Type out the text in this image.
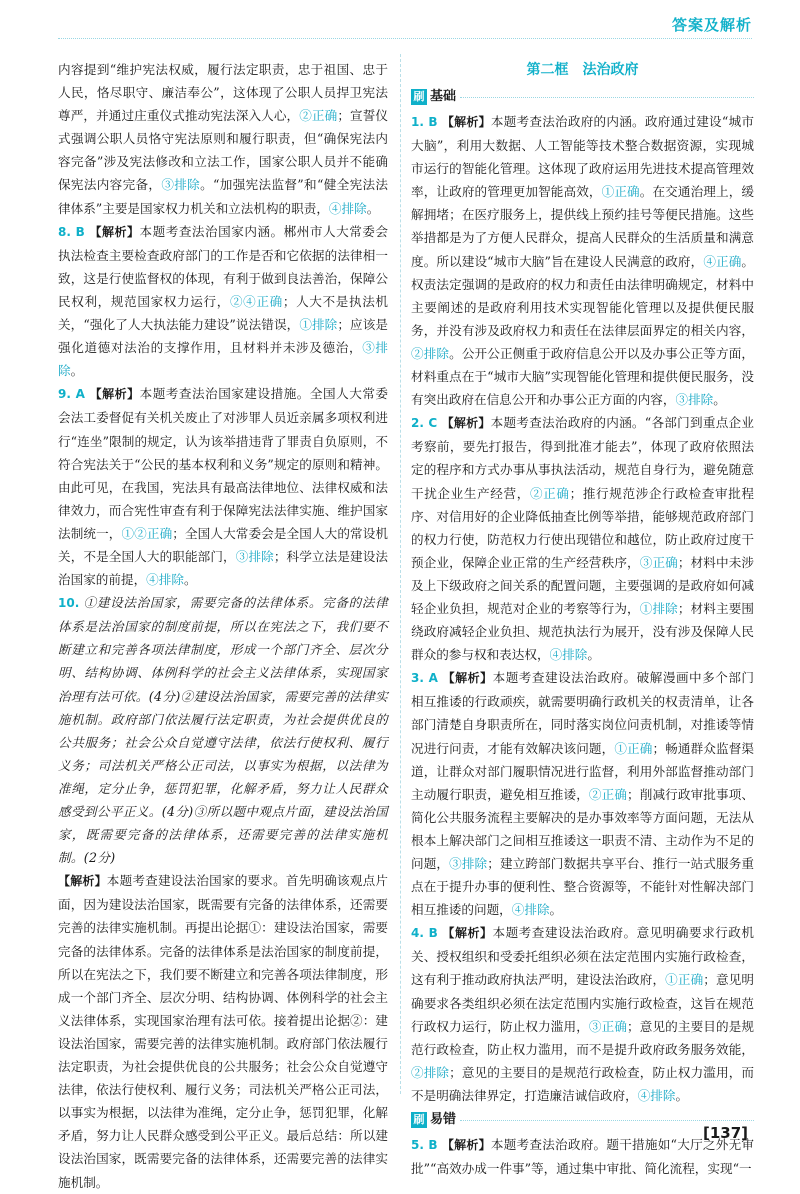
答案及解析

内容提到“维护宪法权威，履行法定职责，忠于祖国、忠于人民，恪尽职守、廉洁奉公”，这体现了公职人员捍卫宪法尊严，并通过庄重仪式推动宪法深入人心，②正确；宣誓仪式强调公职人员恪守宪法原则和履行职责，但“确保宪法内容完备”涉及宪法修改和立法工作，国家公职人员并不能确保宪法内容完备，③排除。“加强宪法监督”和“健全宪法法律体系”主要是国家权力机关和立法机构的职责，④排除。

8. B 【解析】本题考查法治国家内涵。郴州市人大常委会执法检查主要检查政府部门的工作是否和它依据的法律相一致，这是行使监督权的体现，有利于做到良法善治，保障公民权利，规范国家权力运行，②④正确；人大不是执法机关，“强化了人大执法能力建设”说法错误，①排除；应该是强化道德对法治的支撑作用，且材料并未涉及德治，③排除。

9. A 【解析】本题考查法治国家建设措施。全国人大常委会法工委督促有关机关废止了对涉罪人员近亲属多项权利进行“连坐”限制的规定，认为该举措违背了罪责自负原则，不符合宪法关于“公民的基本权利和义务”规定的原则和精神。由此可见，在我国，宪法具有最高法律地位、法律权威和法律效力，而合宪性审查有利于保障宪法法律实施、维护国家法制统一，①②正确；全国人大常委会是全国人大的常设机关，不是全国人大的职能部门，③排除；科学立法是建设法治国家的前提，④排除。

10. ①建设法治国家，需要完备的法律体系。完备的法律体系是法治国家的制度前提，所以在宪法之下，我们要不断建立和完善各项法律制度，形成一个部门齐全、层次分明、结构协调、体例科学的社会主义法律体系，实现国家治理有法可依。(4分)②建设法治国家，需要完善的法律实施机制。政府部门依法履行法定职责，为社会提供优良的公共服务；社会公众自觉遵守法律，依法行使权利、履行义务；司法机关严格公正司法，以事实为根据，以法律为准绳，定分止争，惩罚犯罪，化解矛盾，努力让人民群众感受到公平正义。(4分)③所以题中观点片面，建设法治国家，既需要完备的法律体系，还需要完善的法律实施机制。(2分)

【解析】本题考查建设法治国家的要求。首先明确该观点片面，因为建设法治国家，既需要有完备的法律体系，还需要完善的法律实施机制。再提出论据①：建设法治国家，需要完备的法律体系。完备的法律体系是法治国家的制度前提，所以在宪法之下，我们要不断建立和完善各项法律制度，形成一个部门齐全、层次分明、结构协调、体例科学的社会主义法律体系，实现国家治理有法可依。接着提出论据②：建设法治国家，需要完善的法律实施机制。政府部门依法履行法定职责，为社会提供优良的公共服务；社会公众自觉遵守法律，依法行使权利、履行义务；司法机关严格公正司法，以事实为根据，以法律为准绳，定分止争，惩罚犯罪，化解矛盾，努力让人民群众感受到公平正义。最后总结：所以建设法治国家，既需要完备的法律体系，还需要完善的法律实施机制。

第二框　法治政府
刷 基础

1. B 【解析】本题考查法治政府的内涵。政府通过建设“城市大脑”，利用大数据、人工智能等技术整合数据资源，实现城市运行的智能化管理。这体现了政府运用先进技术提高管理效率，让政府的管理更加智能高效，①正确。在交通治理上，缓解拥堵；在医疗服务上，提供线上预约挂号等便民措施。这些举措都是为了方便人民群众，提高人民群众的生活质量和满意度。所以建设“城市大脑”旨在建设人民满意的政府，④正确。权责法定强调的是政府的权力和责任由法律明确规定，材料中主要阐述的是政府利用技术实现智能化管理以及提供便民服务，并没有涉及政府权力和责任在法律层面界定的相关内容，②排除。公开公正侧重于政府信息公开以及办事公正等方面，材料重点在于“城市大脑”实现智能化管理和提供便民服务，没有突出政府在信息公开和办事公正方面的内容，③排除。

2. C 【解析】本题考查法治政府的内涵。“各部门到重点企业考察前，要先打报告，得到批准才能去”，体现了政府依照法定的程序和方式办事从事执法活动，规范自身行为，避免随意干扰企业生产经营，②正确；推行规范涉企行政检查审批程序、对信用好的企业降低抽查比例等举措，能够规范政府部门的权力行使，防范权力行使出现错位和越位，防止政府过度干预企业，保障企业正常的生产经营秩序，③正确；材料中未涉及上下级政府之间关系的配置问题，主要强调的是政府如何减轻企业负担，规范对企业的考察等行为，①排除；材料主要围绕政府减轻企业负担、规范执法行为展开，没有涉及保障人民群众的参与权和表达权，④排除。

3. A 【解析】本题考查建设法治政府。破解漫画中多个部门相互推诿的行政顽疾，就需要明确行政机关的权责清单，让各部门清楚自身职责所在，同时落实岗位问责机制，对推诿等情况进行问责，才能有效解决该问题，①正确；畅通群众监督渠道，让群众对部门履职情况进行监督，利用外部监督推动部门主动履行职责，避免相互推诿，②正确；削减行政审批事项、简化公共服务流程主要解决的是办事效率等方面问题，无法从根本上解决部门之间相互推诿这一职责不清、主动作为不足的问题，③排除；建立跨部门数据共享平台、推行一站式服务重点在于提升办事的便利性、整合资源等，不能针对性解决部门相互推诿的问题，④排除。

4. B 【解析】本题考查建设法治政府。意见明确要求行政机关、授权组织和受委托组织必须在法定范围内实施行政检查，这有利于推动政府执法严明，建设法治政府，①正确；意见明确要求各类组织必须在法定范围内实施行政检查，这旨在规范行政权力运行，防止权力滥用，③正确；意见的主要目的是规范行政检查，防止权力滥用，而不是提升政府政务服务效能，②排除；意见的主要目的是规范行政检查，防止权力滥用，而不是明确法律界定，打造廉洁诚信政府，④排除。

刷 易错

5. B 【解析】本题考查法治政府。题干措施如“大厅之外无审批”“高效办成一件事”等，通过集中审批、简化流程，实现“一

[137]
